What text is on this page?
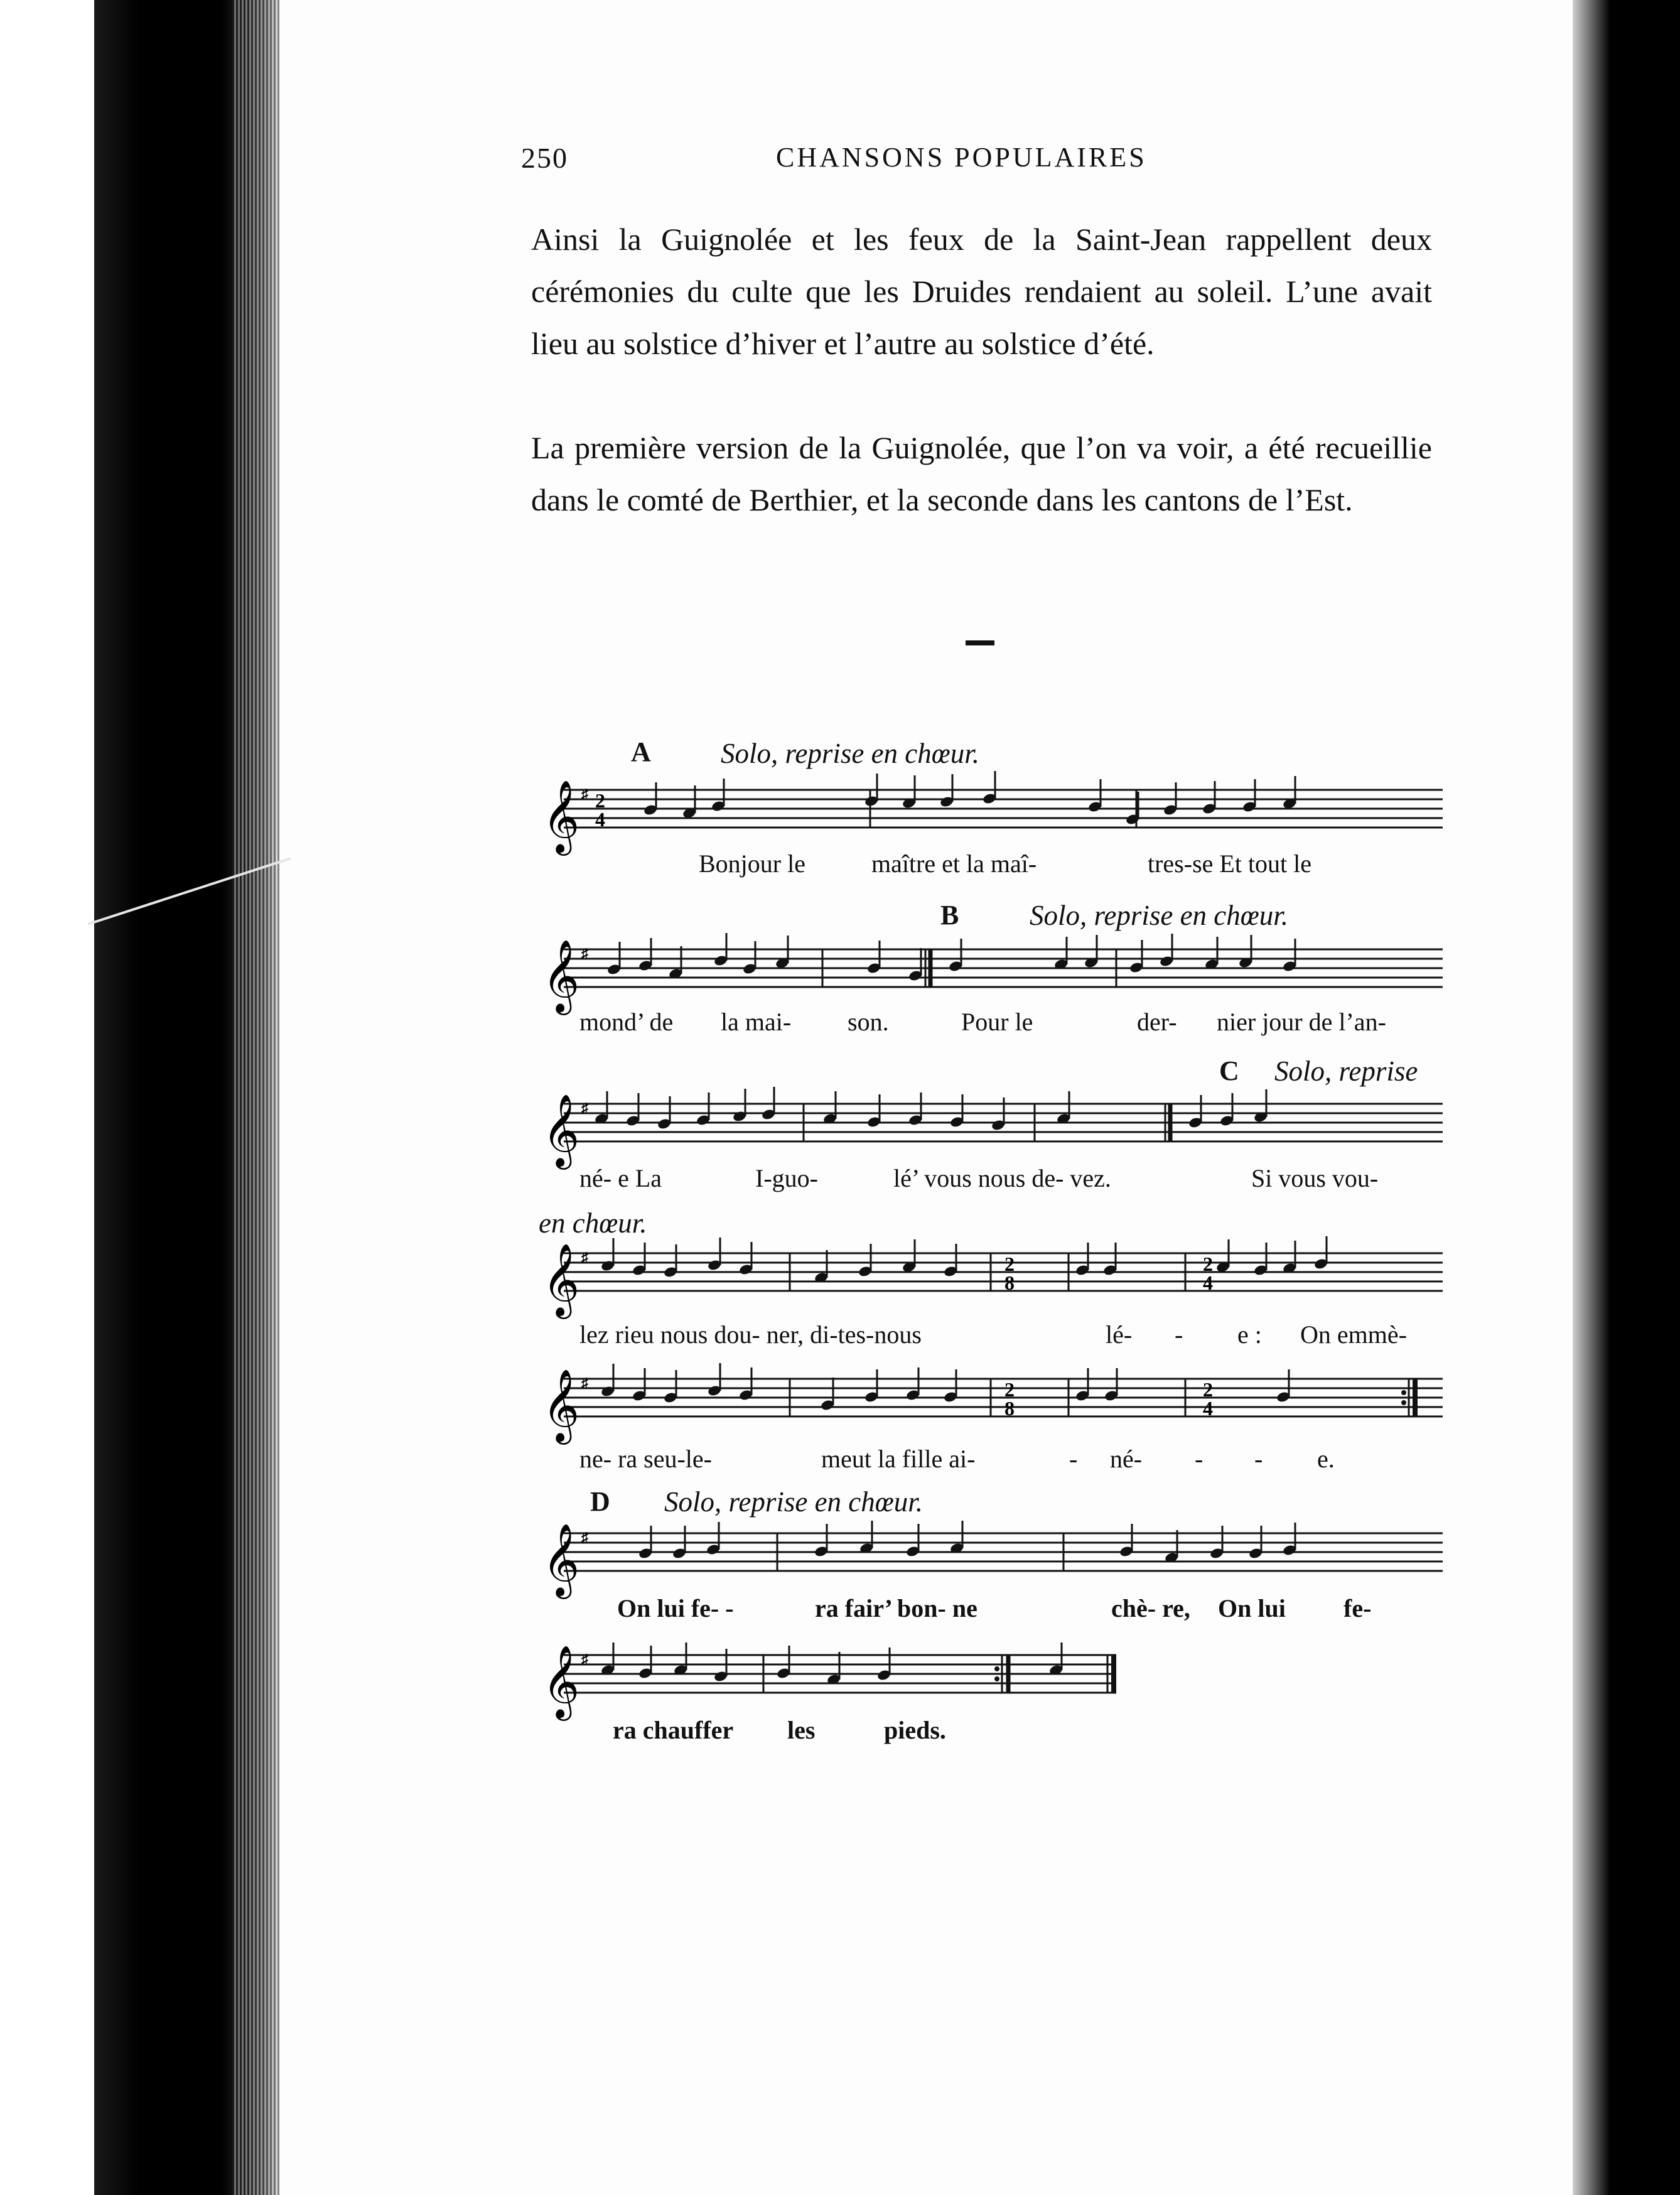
250	CHANSONS POPULAIRES

Ainsi la Guignolée et les feux de la Saint-Jean rappellent deux cérémonies du culte que les Druides rendaient au soleil. L’une avait lieu au solstice d’hiver et l’autre au solstice d’été.

La première version de la Guignolée, que l’on va voir, a été recueillie dans le comté de Berthier, et la seconde dans les cantons de l’Est.

A Solo, reprise en chœur.
𝄞 ♯ 2
4
Bonjour le	maître et la maî-	tres-se Et tout le
B	Solo, reprise en chœur.
𝄞 ♯
mond’ de la mai- son.	Pour le	der- nier jour de l’an-
C Solo, reprise
𝄞 ♯
né- e La	I-guo-	lé’ vous nous de- vez.	Si vous vou-
en chœur.
𝄞 ♯	2
8
2
4
lez rieu nous dou- ner, di-tes-nous	lé- - e : On emmè-
𝄞 ♯	2
8
2
4
ne- ra seu-le-	meut la fille ai-	- né- - - e.
D Solo, reprise en chœur.
𝄞 ♯
On lui fe- -	ra fair’ bon- ne	chè- re, On lui fe-
𝄞 ♯
ra chauffer les	pieds.
